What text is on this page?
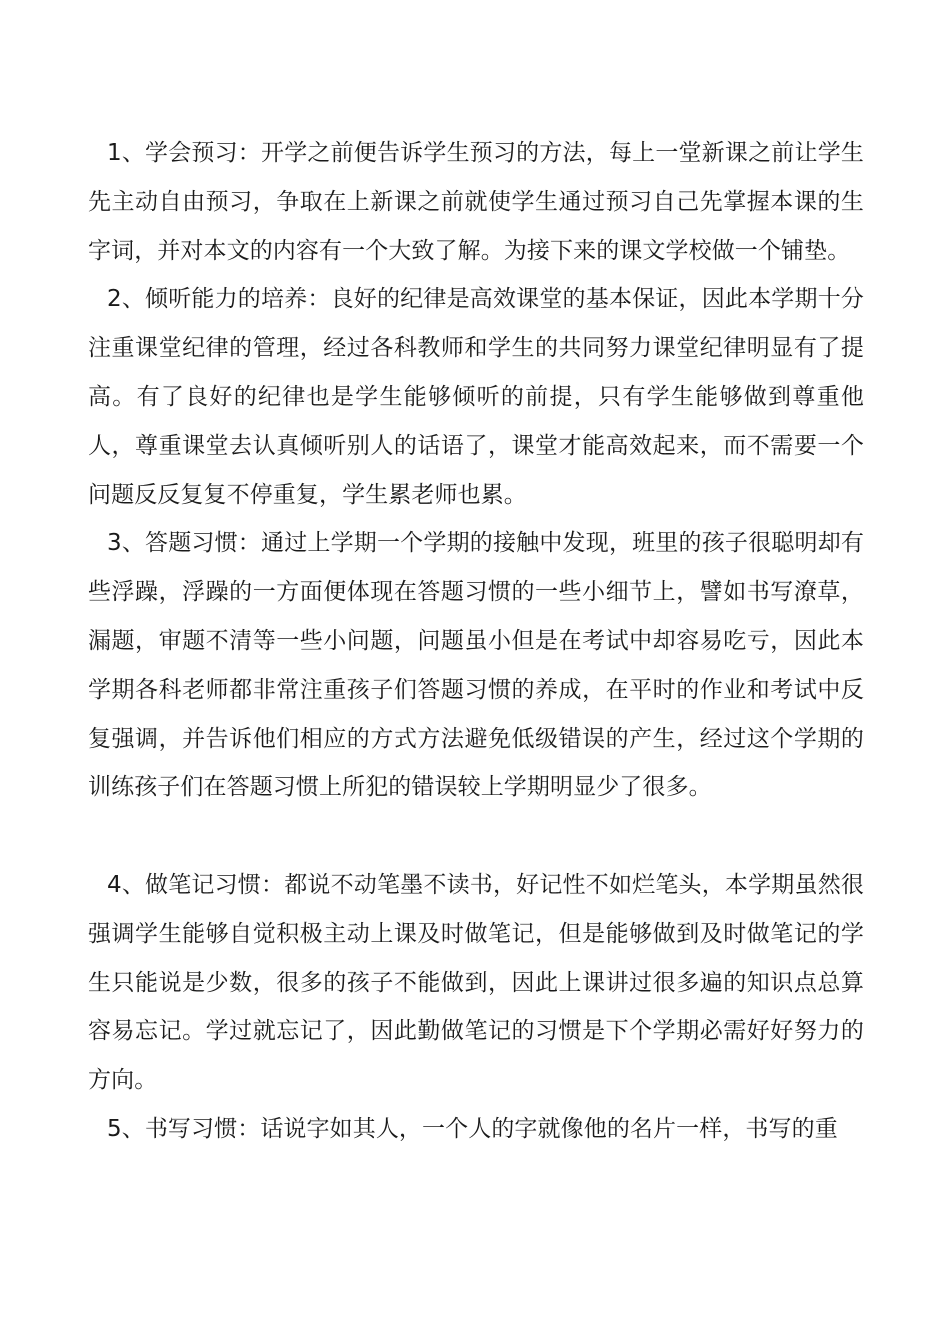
1、学会预习：开学之前便告诉学生预习的方法，每上一堂新课之前让学生先主动自由预习，争取在上新课之前就使学生通过预习自己先掌握本课的生字词，并对本文的内容有一个大致了解。为接下来的课文学校做一个铺垫。

2、倾听能力的培养：良好的纪律是高效课堂的基本保证，因此本学期十分注重课堂纪律的管理，经过各科教师和学生的共同努力课堂纪律明显有了提高。有了良好的纪律也是学生能够倾听的前提，只有学生能够做到尊重他人，尊重课堂去认真倾听别人的话语了，课堂才能高效起来，而不需要一个问题反反复复不停重复，学生累老师也累。

3、答题习惯：通过上学期一个学期的接触中发现，班里的孩子很聪明却有些浮躁，浮躁的一方面便体现在答题习惯的一些小细节上，譬如书写潦草，漏题，审题不清等一些小问题，问题虽小但是在考试中却容易吃亏，因此本学期各科老师都非常注重孩子们答题习惯的养成，在平时的作业和考试中反复强调，并告诉他们相应的方式方法避免低级错误的产生，经过这个学期的训练孩子们在答题习惯上所犯的错误较上学期明显少了很多。

4、做笔记习惯：都说不动笔墨不读书，好记性不如烂笔头，本学期虽然很强调学生能够自觉积极主动上课及时做笔记，但是能够做到及时做笔记的学生只能说是少数，很多的孩子不能做到，因此上课讲过很多遍的知识点总算容易忘记。学过就忘记了，因此勤做笔记的习惯是下个学期必需好好努力的方向。

5、书写习惯：话说字如其人，一个人的字就像他的名片一样，书写的重
